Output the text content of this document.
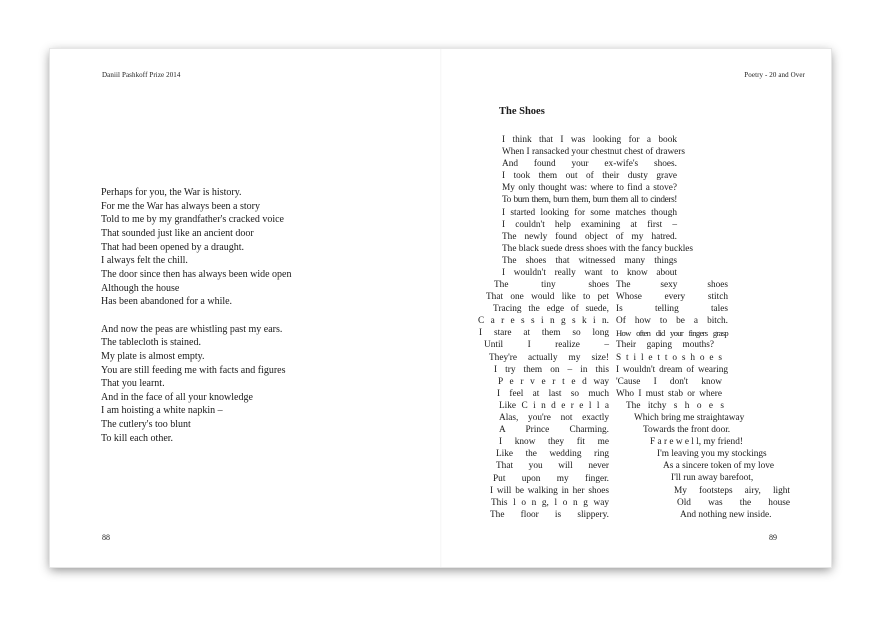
Daniil Pashkoff Prize 2014	Poetry - 20 and Over
Perhaps for you, the War is history.
For me the War has always been a story
Told to me by my grandfather's cracked voice
That sounded just like an ancient door
That had been opened by a draught.
I always felt the chill.
The door since then has always been wide open
Although the house
Has been abandoned for a while.
And now the peas are whistling past my ears.
The tablecloth is stained.
My plate is almost empty.
You are still feeding me with facts and figures
That you learnt.
And in the face of all your knowledge
I am hoisting a white napkin –
The cutlery's too blunt
To kill each other.
The Shoes
I think that I was looking for a book
When I ransacked your chestnut chest of drawers
And found your ex-wife's shoes.
I took them out of their dusty grave
My only thought was: where to find a stove?
To burn them, burn them, burn them all to cinders!
I started looking for some matches though
I couldn't help examining at first –
The newly found object of my hatred.
The black suede dress shoes with the fancy buckles
The shoes that witnessed many things
I wouldn't really want to know about
The tiny shoes
That one would like to pet
Tracing the edge of suede,
C a r e s s i n g s k i n.
I stare at them so long
Until I realize –
They're actually my size!
I try them on – in this
P e r v e r t e d way
I feel at last so much
Like C i n d e r e l l a
Alas, you're not exactly
A Prince Charming.
I know they fit me
Like the wedding ring
That you will never
Put upon my finger.
I will be walking in her shoes
This l o n g, l o n g way
The floor is slippery.
The sexy shoes
Whose every stitch
Is telling tales
Of how to be a bitch.
How often did your fingers grasp
Their gaping mouths?
S t i l e t t o s h o e s
I wouldn't dream of wearing
'Cause I don't know
Who I must stab or where
The itchy s h o e s
Which bring me straightaway
Towards the front door.
F a r e w e l l, my friend!
I'm leaving you my stockings
As a sincere token of my love
I'll run away barefoot,
My footsteps airy, light
Old was the house
And nothing new inside.
88	89
